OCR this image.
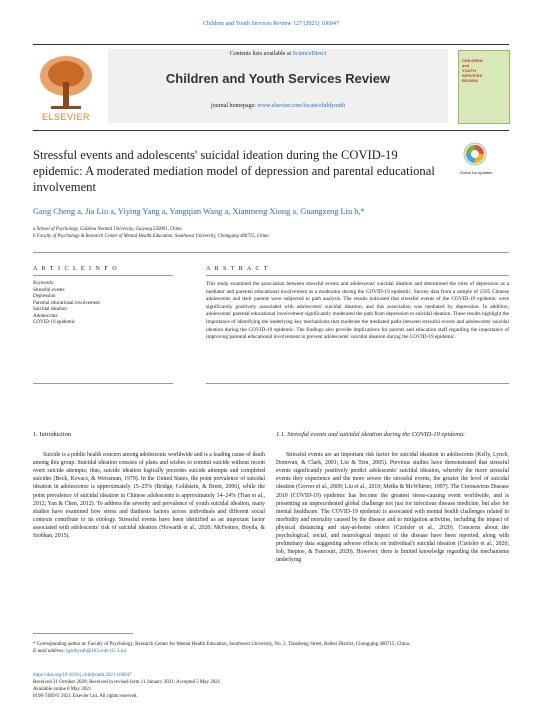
Children and Youth Services Review 127 (2021) 106047
ELSEVIER
Contents lists available at ScienceDirect
Children and Youth Services Review
journal homepage: www.elsevier.com/locate/childyouth
CHILDREN
and
YOUTH
SERVICES
REVIEW
Check for updates
Stressful events and adolescents' suicidal ideation during the COVID-19 epidemic: A moderated mediation model of depression and parental educational involvement
Gang Cheng a, Jia Liu a, Yiying Yang a, Yangqian Wang a, Xianmeng Xiong a, Guangzeng Liu b,*
a School of Psychology, Guizhou Normal University, Guiyang 550001, China
b Faculty of Psychology & Research Center of Mental Health Education, Southwest University, Chongqing 400715, China
A R T I C L E I N F O	A B S T R A C T
Keywords:
Stressful events
Depression
Parental educational involvement
Suicidal ideation
Adolescents
COVID-19 epidemic
This study examined the association between stressful events and adolescents' suicidal ideation and determined the roles of depression as a mediator and parental educational involvement as a moderator during the COVID-19 epidemic. Survey data from a sample of 1595 Chinese adolescents and their parents were subjected to path analysis. The results indicated that stressful events of the COVID-19 epidemic were significantly positively associated with adolescents' suicidal ideation, and this association was mediated by depression. In addition, adolescents' parental educational involvement significantly moderated the path from depression to suicidal ideation. These results highlight the importance of identifying the underlying key mechanisms that moderate the mediated paths between stressful events and adolescents' suicidal ideation during the COVID-19 epidemic. The findings also provide implications for parents and education staff regarding the importance of improving parental educational involvement to prevent adolescents' suicidal ideation during the COVID-19 epidemic.
1. Introduction

Suicide is a public health concern among adolescents worldwide and is a leading cause of death among this group. Suicidal ideation consists of plans and wishes to commit suicide without recent overt suicide attempts; thus, suicide ideation logically precedes suicide attempts and completed suicides (Beck, Kovacs, & Weissman, 1979). In the United States, the point prevalence of suicidal ideation in adolescence is approximately 15–25% (Bridge, Goldstein, & Brent, 2006), while the point prevalence of suicidal ideation in Chinese adolescents is approximately 14–24% (Tian et al., 2012; Yan & Chen, 2012). To address the severity and prevalence of youth suicidal ideation, many studies have examined how stress and diathesis factors across individuals and different social contexts contribute to its etiology. Stressful events have been identified as an important factor associated with adolescents' risk of suicidal ideation (Howarth et al., 2020; McFeeters, Boyda, & Siobhan, 2015).

1.1. Stressful events and suicidal ideation during the COVID-19 epidemic

Stressful events are an important risk factor for suicidal ideation in adolescents (Kelly, Lynch, Donovan, & Clark, 2001; Liu & Tein, 2005). Previous studies have demonstrated that stressful events significantly positively predict adolescents' suicidal ideation, whereby the more stressful events they experience and the more severe the stressful events, the greater the level of suicidal ideation (Grover et al., 2009; Liu et al., 2019; Metha & McWhirter, 1997). The Coronavirus Disease 2019 (COVID-19) epidemic has become the greatest stress-causing event worldwide, and is presenting an unprecedented global challenge not just for infectious disease medicine, but also for mental healthcare. The COVID-19 epidemic is associated with mental health challenges related to morbidity and mortality caused by the disease and to mitigation activities, including the impact of physical distancing and stay-at-home orders (Czeisler et al., 2020). Concerns about the psychological, social, and neurological impact of the disease have been reported, along with preliminary data suggesting adverse effects on individual's suicidal ideation (Czeisler et al., 2020; Iob, Steptoe, & Fancourt, 2020). However, there is limited knowledge regarding the mechanisms underlying

* Corresponding author at: Faculty of Psychology, Research Center for Mental Health Education, Southwest University, No. 2, Tiansheng Street, Beibei District, Chongqing 400715, China.
E-mail address: lgzohyeah@163.com (G. Liu).
https://doi.org/10.1016/j.childyouth.2021.106047
Received 31 October 2020; Received in revised form 11 January 2021; Accepted 5 May 2021
Available online 8 May 2021
0190-7409/© 2021 Elsevier Ltd. All rights reserved.
